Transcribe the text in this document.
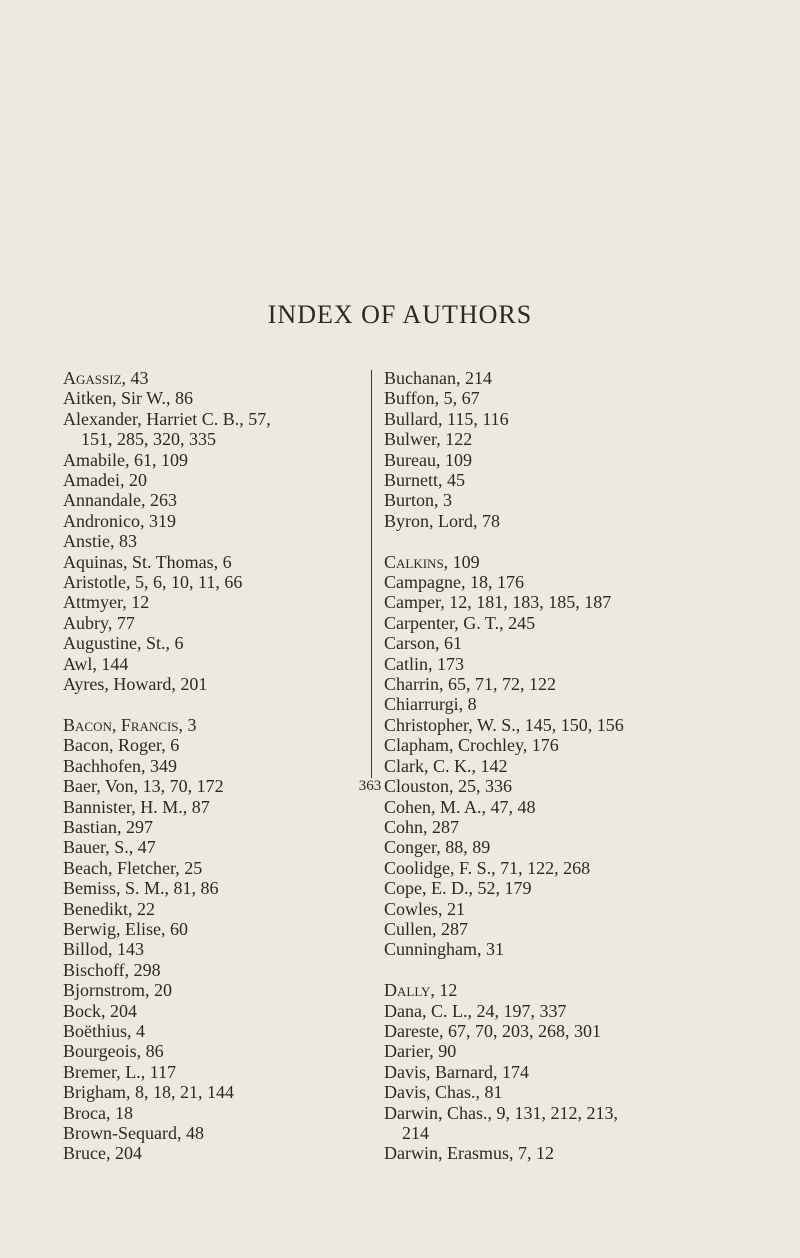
INDEX OF AUTHORS
Agassiz, 43
Aitken, Sir W., 86
Alexander, Harriet C. B., 57,
151, 285, 320, 335
Amabile, 61, 109
Amadei, 20
Annandale, 263
Andronico, 319
Anstie, 83
Aquinas, St. Thomas, 6
Aristotle, 5, 6, 10, 11, 66
Attmyer, 12
Aubry, 77
Augustine, St., 6
Awl, 144
Ayres, Howard, 201
Bacon, Francis, 3
Bacon, Roger, 6
Bachhofen, 349
Baer, Von, 13, 70, 172
Bannister, H. M., 87
Bastian, 297
Bauer, S., 47
Beach, Fletcher, 25
Bemiss, S. M., 81, 86
Benedikt, 22
Berwig, Elise, 60
Billod, 143
Bischoff, 298
Bjornstrom, 20
Bock, 204
Boëthius, 4
Bourgeois, 86
Bremer, L., 117
Brigham, 8, 18, 21, 144
Broca, 18
Brown-Sequard, 48
Bruce, 204
Buchanan, 214
Buffon, 5, 67
Bullard, 115, 116
Bulwer, 122
Bureau, 109
Burnett, 45
Burton, 3
Byron, Lord, 78
Calkins, 109
Campagne, 18, 176
Camper, 12, 181, 183, 185, 187
Carpenter, G. T., 245
Carson, 61
Catlin, 173
Charrin, 65, 71, 72, 122
Chiarrurgi, 8
Christopher, W. S., 145, 150, 156
Clapham, Crochley, 176
Clark, C. K., 142
Clouston, 25, 336
Cohen, M. A., 47, 48
Cohn, 287
Conger, 88, 89
Coolidge, F. S., 71, 122, 268
Cope, E. D., 52, 179
Cowles, 21
Cullen, 287
Cunningham, 31
Dally, 12
Dana, C. L., 24, 197, 337
Dareste, 67, 70, 203, 268, 301
Darier, 90
Davis, Barnard, 174
Davis, Chas., 81
Darwin, Chas., 9, 131, 212, 213,
214
Darwin, Erasmus, 7, 12
363
